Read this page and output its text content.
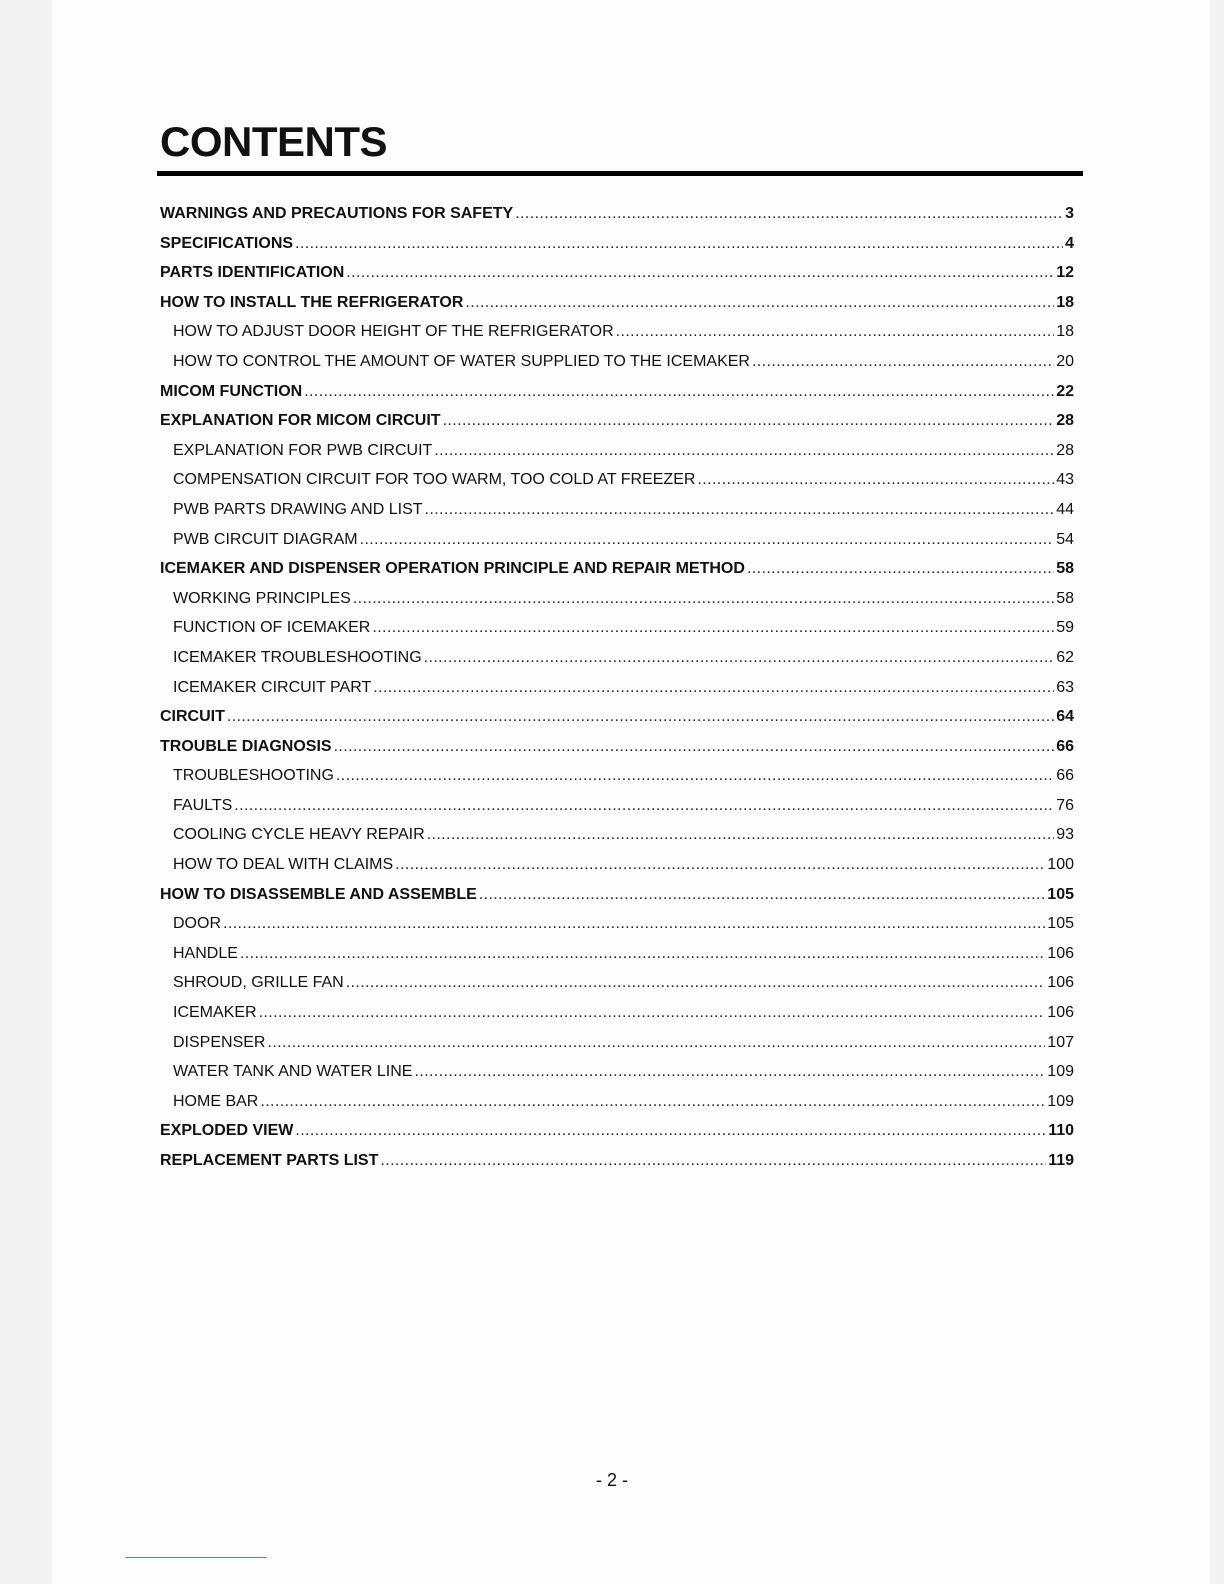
CONTENTS
WARNINGS AND PRECAUTIONS FOR SAFETY .....	3
SPECIFICATIONS .....	4
PARTS IDENTIFICATION .....	12
HOW TO INSTALL THE REFRIGERATOR .....	18
HOW TO ADJUST DOOR HEIGHT OF THE REFRIGERATOR .....	18
HOW TO CONTROL THE AMOUNT OF WATER SUPPLIED TO THE ICEMAKER .....	20
MICOM FUNCTION .....	22
EXPLANATION FOR MICOM CIRCUIT .....	28
EXPLANATION FOR PWB CIRCUIT .....	28
COMPENSATION CIRCUIT FOR TOO WARM, TOO COLD AT FREEZER .....	43
PWB PARTS DRAWING AND LIST .....	44
PWB CIRCUIT DIAGRAM .....	54
ICEMAKER AND DISPENSER OPERATION PRINCIPLE AND REPAIR METHOD .....	58
WORKING PRINCIPLES .....	58
FUNCTION OF ICEMAKER .....	59
ICEMAKER TROUBLESHOOTING .....	62
ICEMAKER CIRCUIT PART .....	63
CIRCUIT .....	64
TROUBLE DIAGNOSIS .....	66
TROUBLESHOOTING .....	66
FAULTS .....	76
COOLING CYCLE HEAVY REPAIR .....	93
HOW TO DEAL WITH CLAIMS .....	100
HOW TO DISASSEMBLE AND ASSEMBLE .....	105
DOOR .....	105
HANDLE .....	106
SHROUD, GRILLE FAN .....	106
ICEMAKER .....	106
DISPENSER .....	107
WATER TANK AND WATER LINE .....	109
HOME BAR .....	109
EXPLODED VIEW .....	110
REPLACEMENT PARTS LIST .....	119
- 2 -
